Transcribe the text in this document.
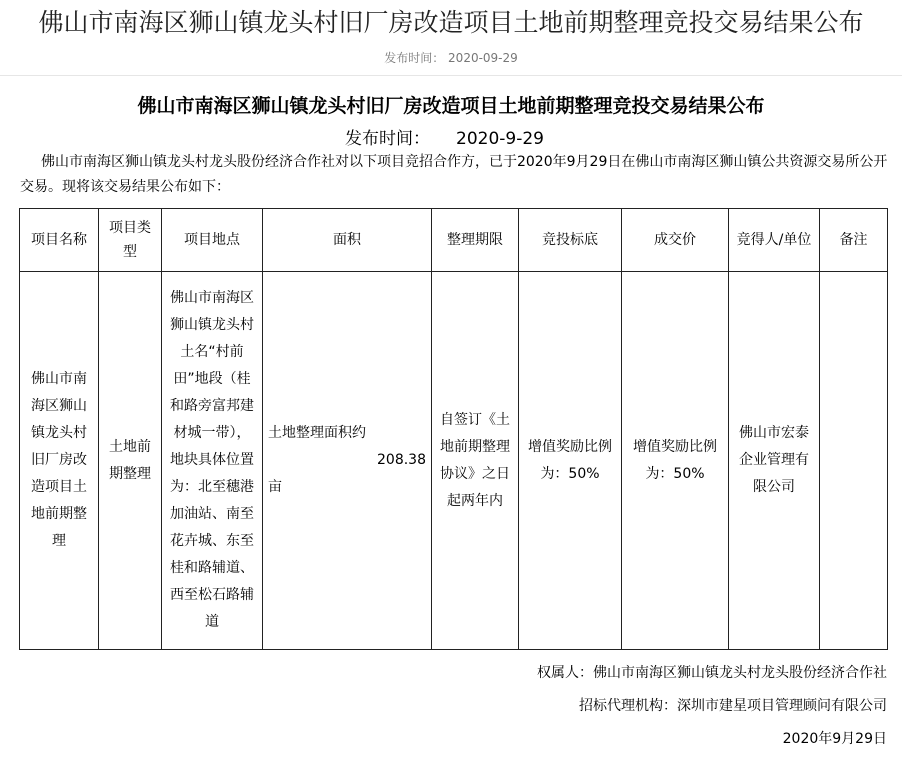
佛山市南海区狮山镇龙头村旧厂房改造项目土地前期整理竞投交易结果公布
发布时间： 2020-09-29
佛山市南海区狮山镇龙头村旧厂房改造项目土地前期整理竞投交易结果公布
发布时间： 2020-9-29
佛山市南海区狮山镇龙头村龙头股份经济合作社对以下项目竞招合作方，已于2020年9月29日在佛山市南海区狮山镇公共资源交易所公开交易。现将该交易结果公布如下：
项目名称	项目类型	项目地点	面积	整理期限	竞投标底	成交价	竞得人/单位	备注
佛山市南海区狮山镇龙头村旧厂房改造项目土地前期整理	土地前期整理	佛山市南海区狮山镇龙头村土名“村前田”地段（桂和路旁富邦建材城一带），地块具体位置为：北至穗港加油站、南至花卉城、东至桂和路辅道、西至松石路辅道	土地整理面积约
208.38
亩	自签订《土地前期整理协议》之日起两年内	增值奖励比例为：50%	增值奖励比例为：50%	佛山市宏泰企业管理有限公司	
权属人：佛山市南海区狮山镇龙头村龙头股份经济合作社
招标代理机构：深圳市建星项目管理顾问有限公司
2020年9月29日
